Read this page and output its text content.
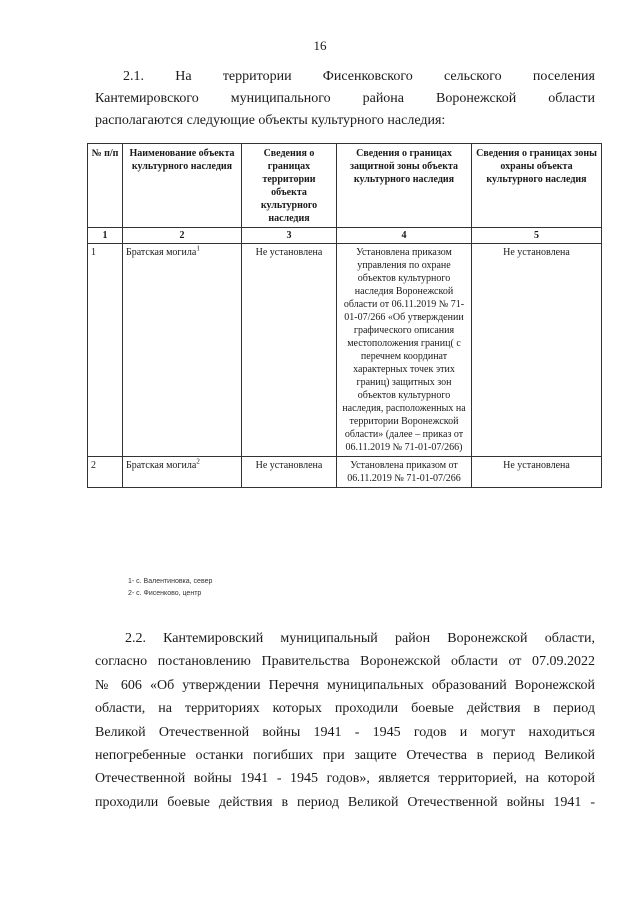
16
2.1. На территории Фисенковского сельского поселения
Кантемировского муниципального района Воронежской области
располагаются следующие объекты культурного наследия:
№ п/п	Наименование объекта культурного наследия	Сведения о границах территории объекта культурного наследия	Сведения о границах защитной зоны объекта культурного наследия	Сведения о границах зоны охраны объекта культурного наследия
1	2	3	4	5
1	Братская могила$^1$	Не установлена	Установлена приказом управления по охране объектов культурного наследия Воронежской области от 06.11.2019 № 71-01-07/266 «Об утверждении графического описания местоположения границ( с перечнем координат характерных точек этих границ) защитных зон объектов культурного наследия, расположенных на территории Воронежской области» (далее – приказ от 06.11.2019 № 71-01-07/266)	Не установлена
2	Братская могила$^2$	Не установлена	Установлена приказом от 06.11.2019 № 71-01-07/266	Не установлена
1- с. Валентиновка, север
2- с. Фисенково, центр
2.2. Кантемировский муниципальный район Воронежской области,
согласно постановлению Правительства Воронежской области от 07.09.2022
№ 606 «Об утверждении Перечня муниципальных образований Воронежской
области, на территориях которых проходили боевые действия в период
Великой Отечественной войны 1941 - 1945 годов и могут находиться
непогребенные останки погибших при защите Отечества в период Великой
Отечественной войны 1941 - 1945 годов», является территорией, на которой
проходили боевые действия в период Великой Отечественной войны 1941 -
